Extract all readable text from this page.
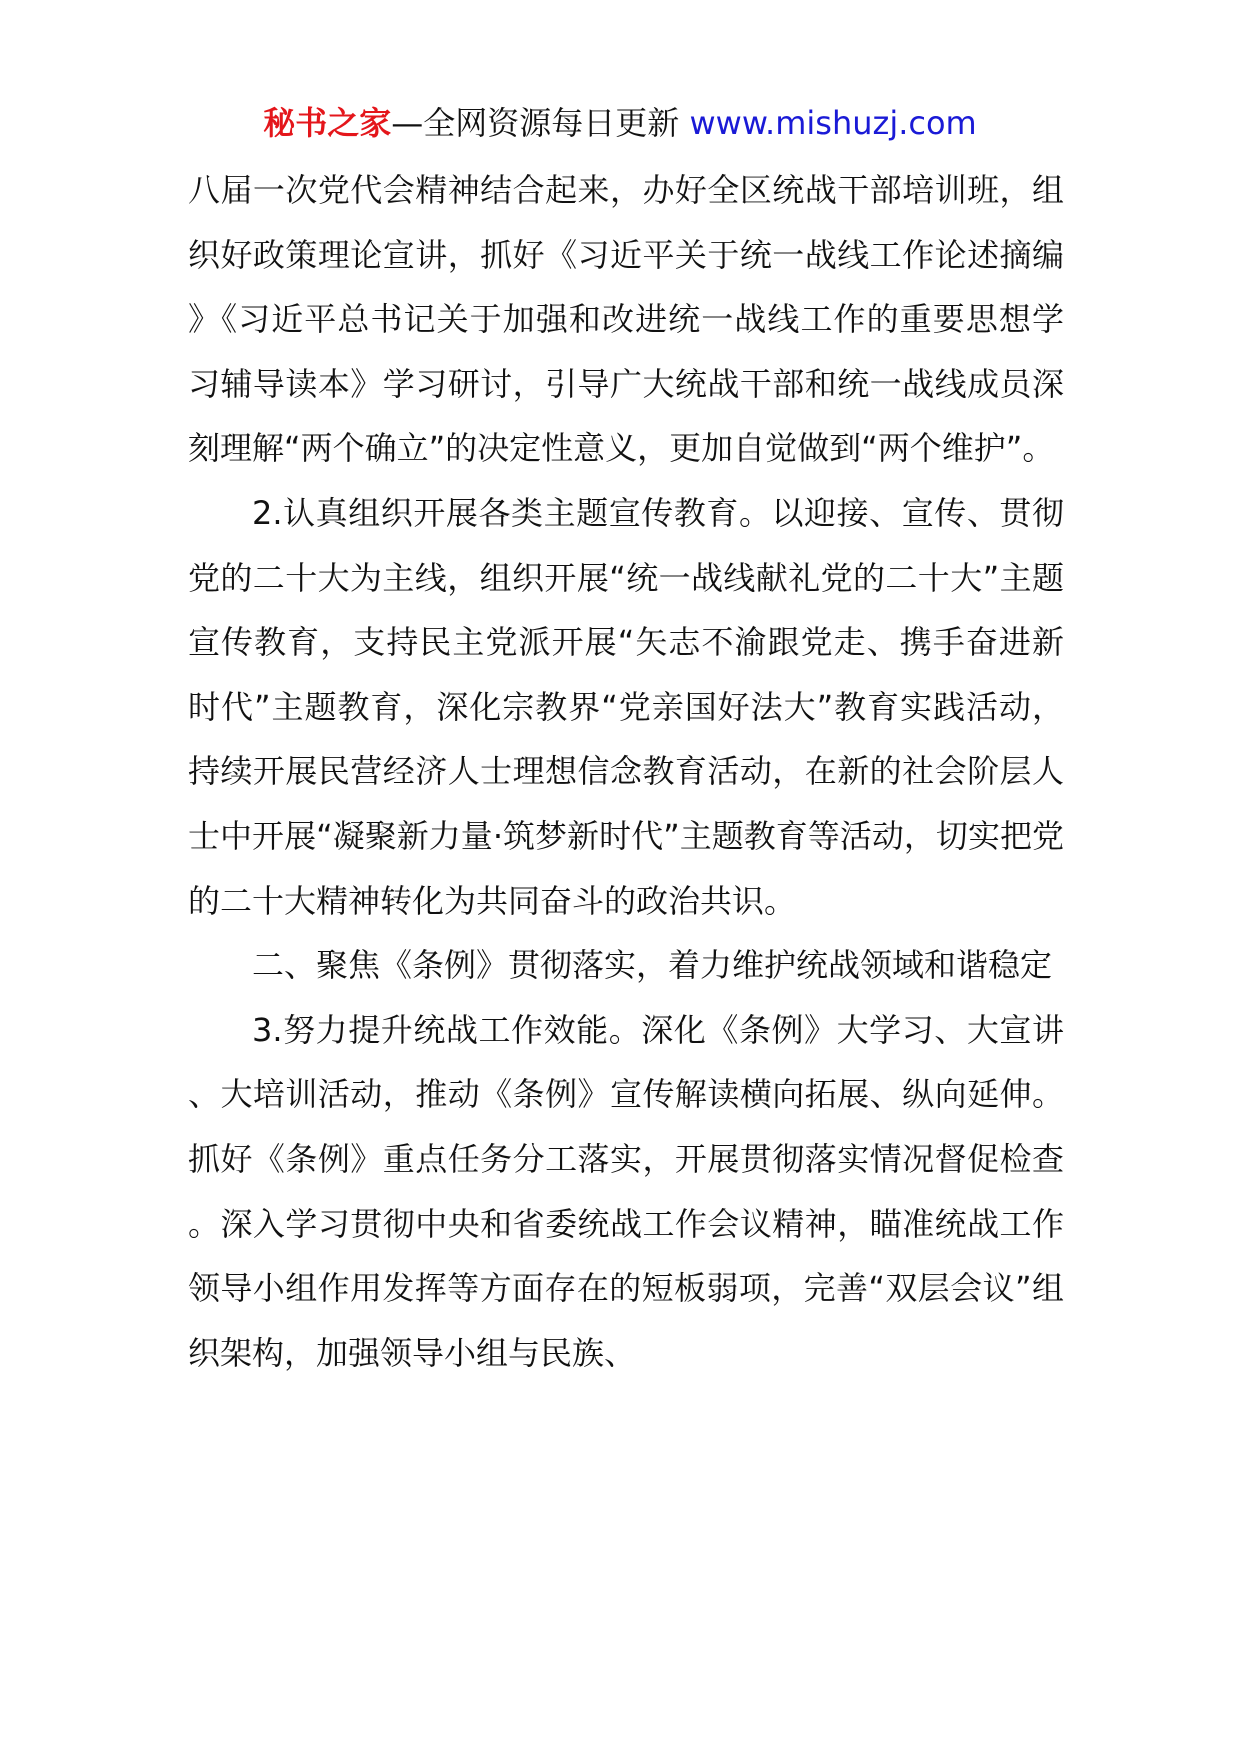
秘书之家—全网资源每日更新 www.mishuzj.com

八届一次党代会精神结合起来，办好全区统战干部培训班，组织好政策理论宣讲，抓好《习近平关于统一战线工作论述摘编》《习近平总书记关于加强和改进统一战线工作的重要思想学习辅导读本》学习研讨，引导广大统战干部和统一战线成员深刻理解“两个确立”的决定性意义，更加自觉做到“两个维护”。

2.认真组织开展各类主题宣传教育。以迎接、宣传、贯彻党的二十大为主线，组织开展“统一战线献礼党的二十大”主题宣传教育，支持民主党派开展“矢志不渝跟党走、携手奋进新时代”主题教育，深化宗教界“党亲国好法大”教育实践活动，持续开展民营经济人士理想信念教育活动，在新的社会阶层人士中开展“凝聚新力量·筑梦新时代”主题教育等活动，切实把党的二十大精神转化为共同奋斗的政治共识。

二、聚焦《条例》贯彻落实，着力维护统战领域和谐稳定

3.努力提升统战工作效能。深化《条例》大学习、大宣讲、大培训活动，推动《条例》宣传解读横向拓展、纵向延伸。抓好《条例》重点任务分工落实，开展贯彻落实情况督促检查。深入学习贯彻中央和省委统战工作会议精神，瞄准统战工作领导小组作用发挥等方面存在的短板弱项，完善“双层会议”组织架构，加强领导小组与民族、
